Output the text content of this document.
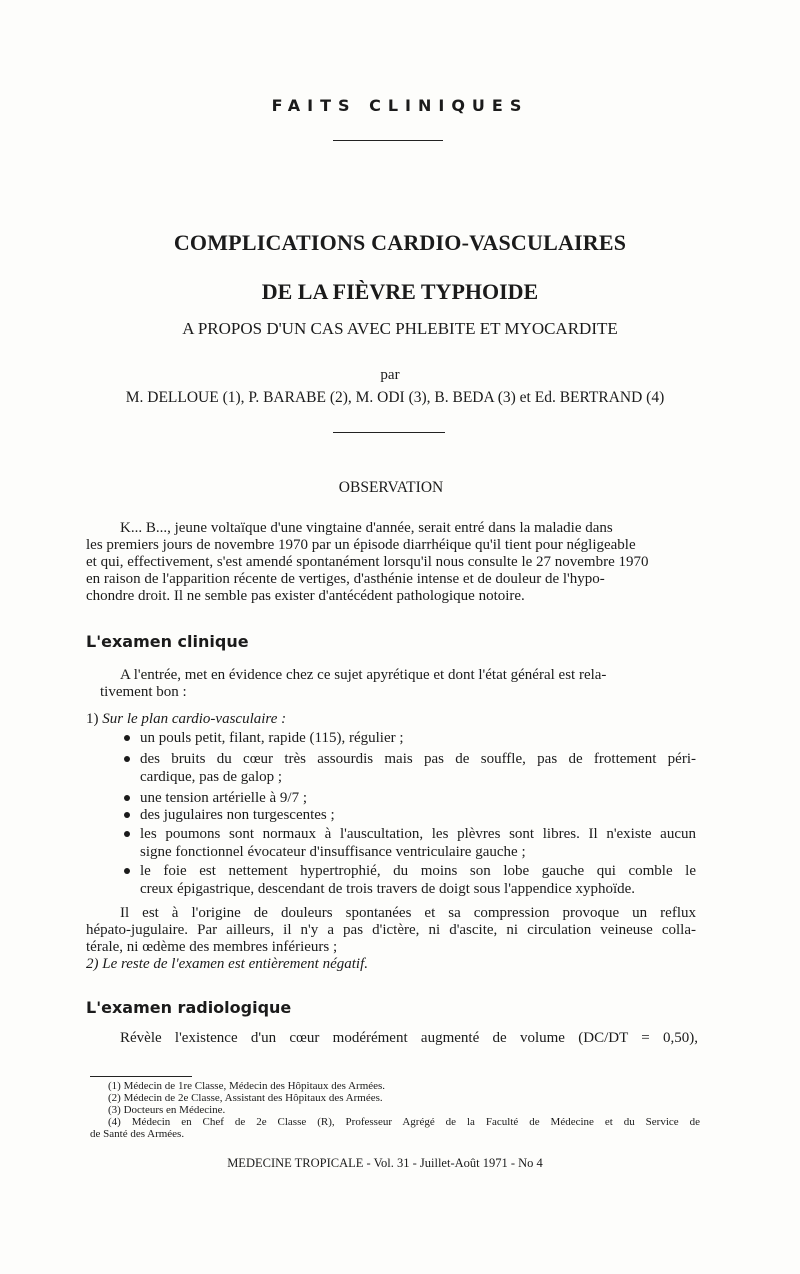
FAITS CLINIQUES
COMPLICATIONS CARDIO-VASCULAIRES
DE LA FIÈVRE TYPHOIDE
A PROPOS D'UN CAS AVEC PHLEBITE ET MYOCARDITE
par
M. DELLOUE (1), P. BARABE (2), M. ODI (3), B. BEDA (3) et Ed. BERTRAND (4)
OBSERVATION
K... B..., jeune voltaïque d'une vingtaine d'année, serait entré dans la maladie dans
les premiers jours de novembre 1970 par un épisode diarrhéique qu'il tient pour négligeable
et qui, effectivement, s'est amendé spontanément lorsqu'il nous consulte le 27 novembre 1970
en raison de l'apparition récente de vertiges, d'asthénie intense et de douleur de l'hypo-
chondre droit. Il ne semble pas exister d'antécédent pathologique notoire.
L'examen clinique
A l'entrée, met en évidence chez ce sujet apyrétique et dont l'état général est rela-
tivement bon :
1) Sur le plan cardio-vasculaire :
un pouls petit, filant, rapide (115), régulier ;
des bruits du cœur très assourdis mais pas de souffle, pas de frottement péri-
cardique, pas de galop ;
une tension artérielle à 9/7 ;
des jugulaires non turgescentes ;
les poumons sont normaux à l'auscultation, les plèvres sont libres. Il n'existe aucun
signe fonctionnel évocateur d'insuffisance ventriculaire gauche ;
le foie est nettement hypertrophié, du moins son lobe gauche qui comble le
creux épigastrique, descendant de trois travers de doigt sous l'appendice xyphoïde.
Il est à l'origine de douleurs spontanées et sa compression provoque un reflux
hépato-jugulaire. Par ailleurs, il n'y a pas d'ictère, ni d'ascite, ni circulation veineuse colla-
térale, ni œdème des membres inférieurs ;
2) Le reste de l'examen est entièrement négatif.
L'examen radiologique
Révèle l'existence d'un cœur modérément augmenté de volume (DC/DT = 0,50),
(1) Médecin de 1re Classe, Médecin des Hôpitaux des Armées.
(2) Médecin de 2e Classe, Assistant des Hôpitaux des Armées.
(3) Docteurs en Médecine.
(4) Médecin en Chef de 2e Classe (R), Professeur Agrégé de la Faculté de Médecine et du Service de
de Santé des Armées.
MEDECINE TROPICALE - Vol. 31 - Juillet-Août 1971 - No 4
